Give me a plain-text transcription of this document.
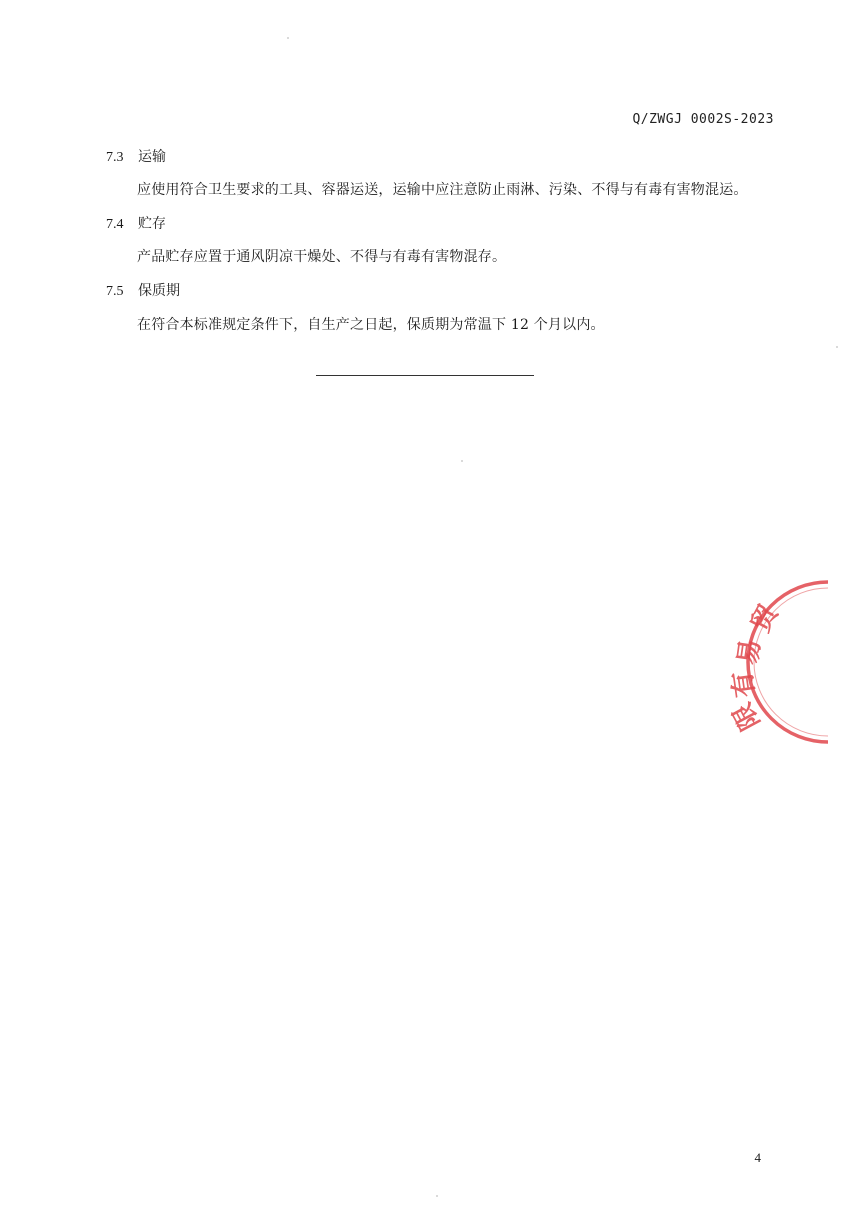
Q/ZWGJ 0002S-2023
7.3 运输
应使用符合卫生要求的工具、容器运送，运输中应注意防止雨淋、污染、不得与有毒有害物混运。
7.4 贮存
产品贮存应置于通风阴凉干燥处、不得与有毒有害物混存。
7.5 保质期
在符合本标准规定条件下，自生产之日起，保质期为常温下 12 个月以内。
贸
易
有
限
4
